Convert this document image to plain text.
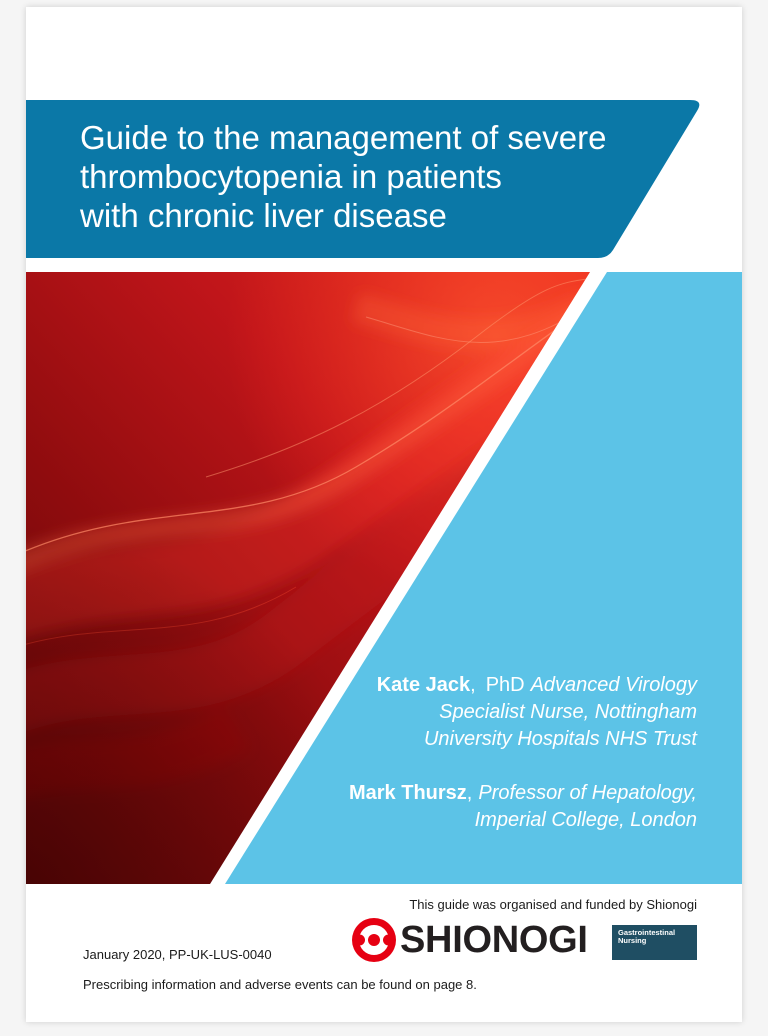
Guide to the management of severe
thrombocytopenia in patients
with chronic liver disease
Kate Jack, PhD Advanced Virology
Specialist Nurse, Nottingham
University Hospitals NHS Trust
Mark Thursz, Professor of Hepatology,
Imperial College, London
This guide was organised and funded by Shionogi
January 2020, PP-UK-LUS-0040
Prescribing information and adverse events can be found on page 8.
SHIONOGI	Gastrointestinal
Nursing
